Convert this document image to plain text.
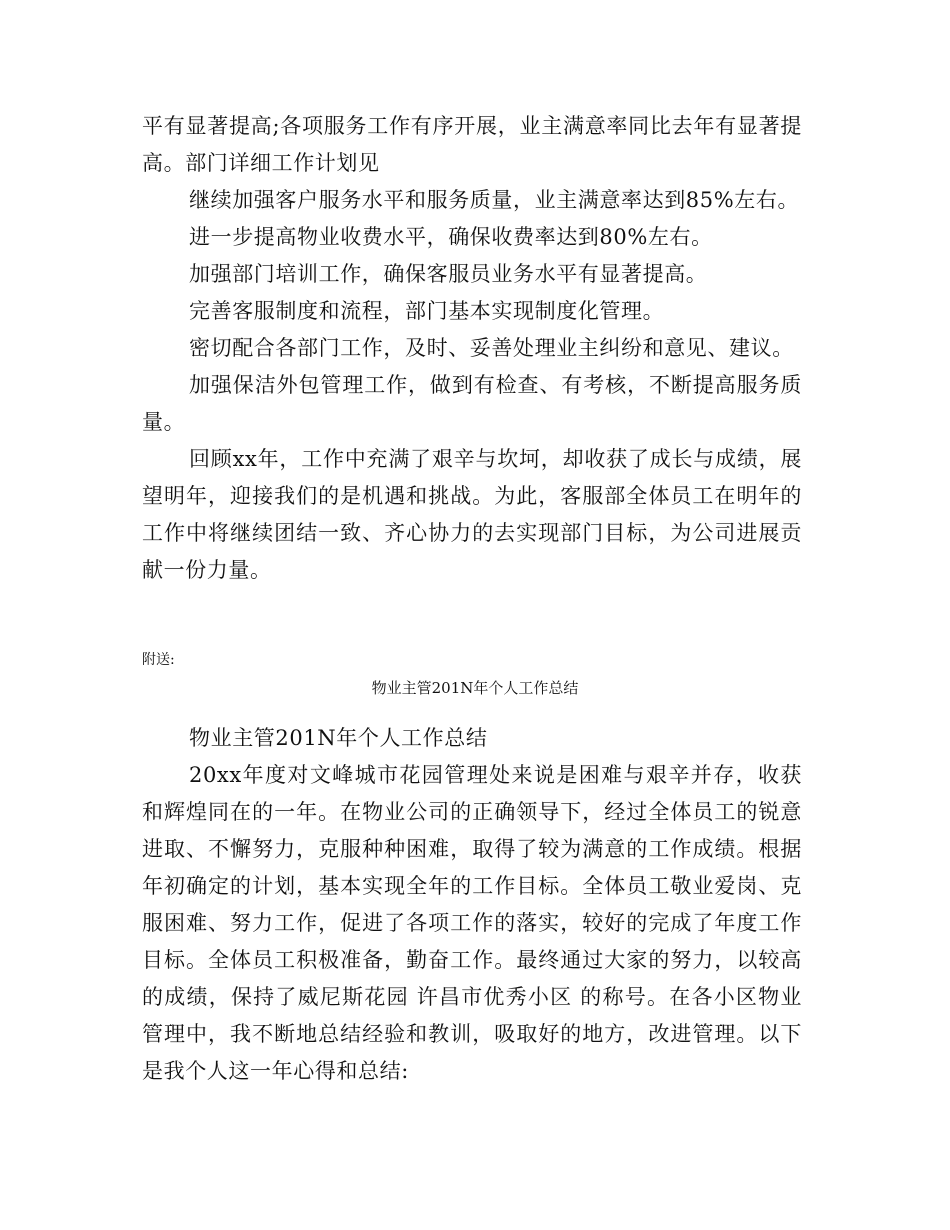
平有显著提高;各项服务工作有序开展，业主满意率同比去年有显著提高。部门详细工作计划见

继续加强客户服务水平和服务质量，业主满意率达到85%左右。

进一步提高物业收费水平，确保收费率达到80%左右。

加强部门培训工作，确保客服员业务水平有显著提高。

完善客服制度和流程，部门基本实现制度化管理。

密切配合各部门工作，及时、妥善处理业主纠纷和意见、建议。

加强保洁外包管理工作，做到有检查、有考核，不断提高服务质量。

回顾xx年，工作中充满了艰辛与坎坷，却收获了成长与成绩，展望明年，迎接我们的是机遇和挑战。为此，客服部全体员工在明年的工作中将继续团结一致、齐心协力的去实现部门目标，为公司进展贡献一份力量。

附送:
物业主管201N年个人工作总结

物业主管201N年个人工作总结

20xx年度对文峰城市花园管理处来说是困难与艰辛并存，收获和辉煌同在的一年。在物业公司的正确领导下，经过全体员工的锐意进取、不懈努力，克服种种困难，取得了较为满意的工作成绩。根据年初确定的计划，基本实现全年的工作目标。全体员工敬业爱岗、克服困难、努力工作，促进了各项工作的落实，较好的完成了年度工作目标。全体员工积极准备，勤奋工作。最终通过大家的努力，以较高的成绩，保持了威尼斯花园 许昌市优秀小区 的称号。在各小区物业管理中，我不断地总结经验和教训，吸取好的地方，改进管理。以下是我个人这一年心得和总结:
